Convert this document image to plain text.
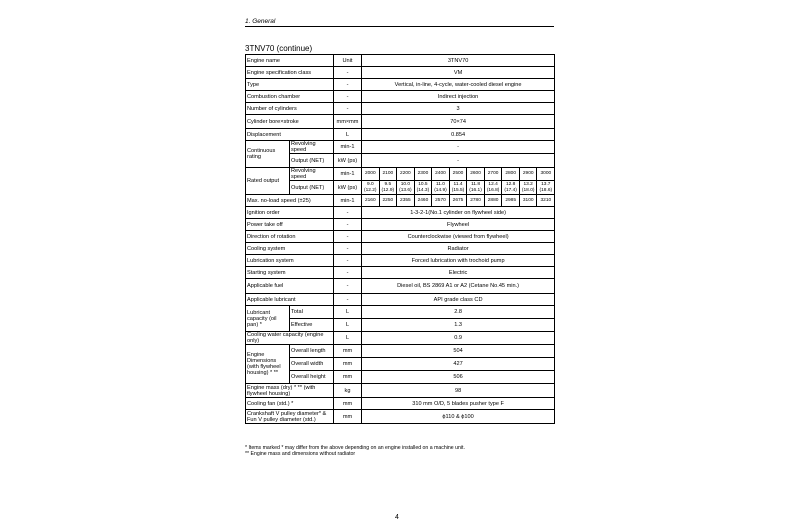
1. General
3TNV70 (continue)
Engine name		Unit	3TNV70										
Engine specification class		-	VM										
Type		-	Vertical, in-line, 4-cycle, water-cooled diesel engine										
Combustion chamber		-	Indirect injection										
Number of cylinders		-	3										
Cylinder bore×stroke		mm×mm	70×74										
Displacement		L	0.854										
Continuous rating	Revolving speed	min-1	-										
	Output (NET)	kW (ps)	-										
Rated output	Revolving speed	min-1	2000	2100	2200	2300	2400	2500	2600	2700	2800	2900	3000
	Output (NET)	kW (ps)	9.0 (12.2)	9.5 (12.9)	10.0 (13.6)	10.5 (14.3)	11.0 (14.9)	11.4 (15.5)	11.8 (16.1)	12.4 (16.8)	12.8 (17.4)	13.2 (18.0)	13.7 (18.6)
Max. no-load speed (±25)		min-1	2160	2250	2355	2460	2570	2675	2780	2880	2985	3100	3210
Ignition order		-	1-3-2-1(No.1 cylinder on flywheel side)										
Power take off		-	Flywheel										
Direction of rotation		-	Counterclockwise (viewed from flywheel)										
Cooling system		-	Radiator										
Lubrication system		-	Forced lubrication with trochoid pump										
Starting system		-	Electric										
Applicable fuel		-	Diesel oil, BS 2869 A1 or A2 (Cetane No.45 min.)										
Applicable lubricant		-	API grade class CD										
Lubricant capacity (oil pan) *	Total	L	2.8										
	Effective	L	1.3										
Cooling water capacity (engine only)		L	0.9										
Engine Dimensions (with flywheel housing) * **	Overall length	mm	504										
	Overall width	mm	427										
	Overall height	mm	506										
Engine mass (dry) * ** (with flywheel housing)		kg	98										
Cooling fan (std.) *		mm	310 mm O/D, 5 blades pusher type F										
Crankshaft V pulley diameter* & Fun V pulley diameter (std.)		mm	ϕ110 & ϕ100										
* Items marked * may differ from the above depending on an engine installed on a machine unit.
** Engine mass and dimensions without radiator
4
